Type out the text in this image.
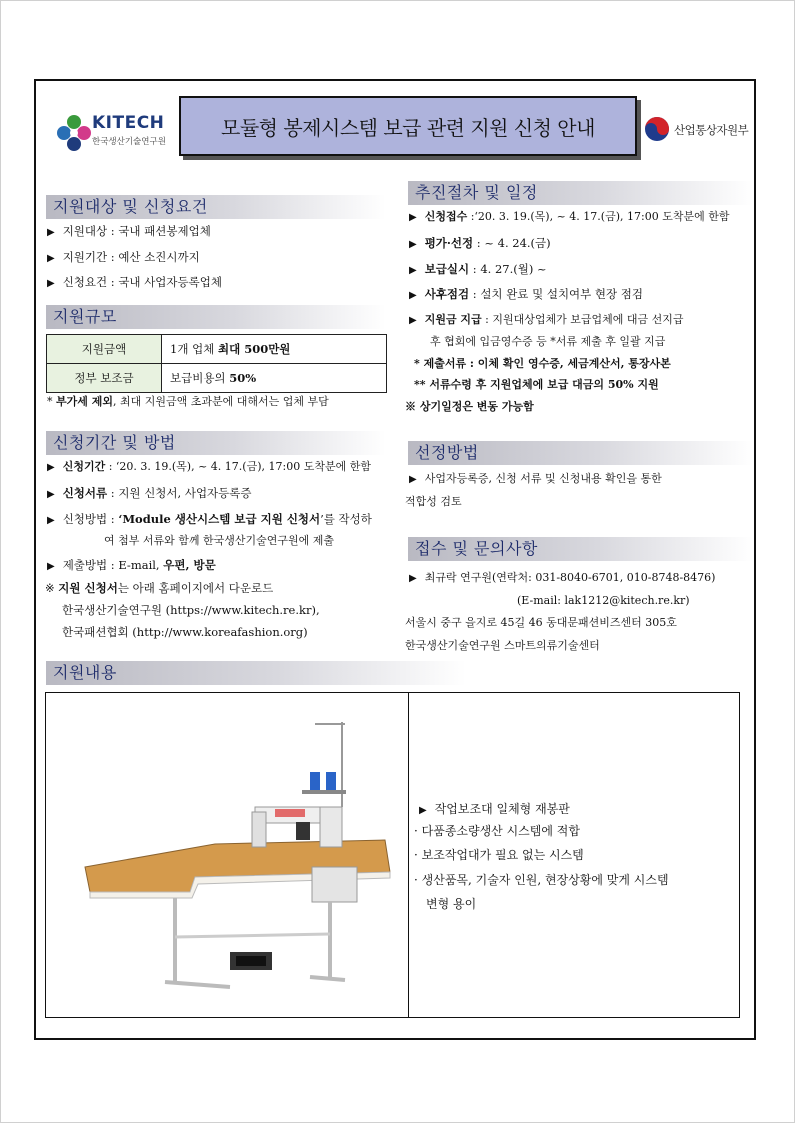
KITECH
한국생산기술연구원
모듈형 봉제시스템 보급 관련 지원 신청 안내	산업통상자원부
지원대상 및 신청요건
▶ 지원대상 : 국내 패션봉제업체
▶ 지원기간 : 예산 소진시까지
▶ 신청요건 : 국내 사업자등록업체
지원규모
지원금액	1개 업체 최대 500만원
정부 보조금	보급비용의 50%
* 부가세 제외, 최대 지원금액 초과분에 대해서는 업체 부담
신청기간 및 방법
▶ 신청기간 : ‘20. 3. 19.(목), ~ 4. 17.(금), 17:00 도착분에 한함
▶ 신청서류 : 지원 신청서, 사업자등록증
▶ 신청방법 : ‘Module 생산시스템 보급 지원 신청서’를 작성하
여 첨부 서류와 함께 한국생산기술연구원에 제출
▶ 제출방법 : E-mail, 우편, 방문
※ 지원 신청서는 아래 홈페이지에서 다운로드
한국생산기술연구원 (https://www.kitech.re.kr),
한국패션협회 (http://www.koreafashion.org)
추진절차 및 일정
▶ 신청접수 :‘20. 3. 19.(목), ~ 4. 17.(금), 17:00 도착분에 한함
▶ 평가·선정 : ~ 4. 24.(금)
▶ 보급실시 : 4. 27.(월) ~
▶ 사후점검 : 설치 완료 및 설치여부 현장 점검
▶ 지원금 지급 : 지원대상업체가 보급업체에 대금 선지급
후 협회에 입금영수증 등 *서류 제출 후 일괄 지급
* 제출서류 : 이체 확인 영수증, 세금계산서, 통장사본
** 서류수령 후 지원업체에 보급 대금의 50% 지원
※ 상기일정은 변동 가능함
선정방법
▶ 사업자등록증, 신청 서류 및 신청내용 확인을 통한
적합성 검토
접수 및 문의사항
▶ 최규락 연구원(연락처: 031-8040-6701, 010-8748-8476)
(E-mail: lak1212@kitech.re.kr)
서울시 중구 을지로 45길 46 동대문패션비즈센터 305호
한국생산기술연구원 스마트의류기술센터
지원내용
▶ 작업보조대 일체형 재봉판
· 다품종소량생산 시스템에 적합
· 보조작업대가 필요 없는 시스템
· 생산품목, 기술자 인원, 현장상황에 맞게 시스템
변형 용이
